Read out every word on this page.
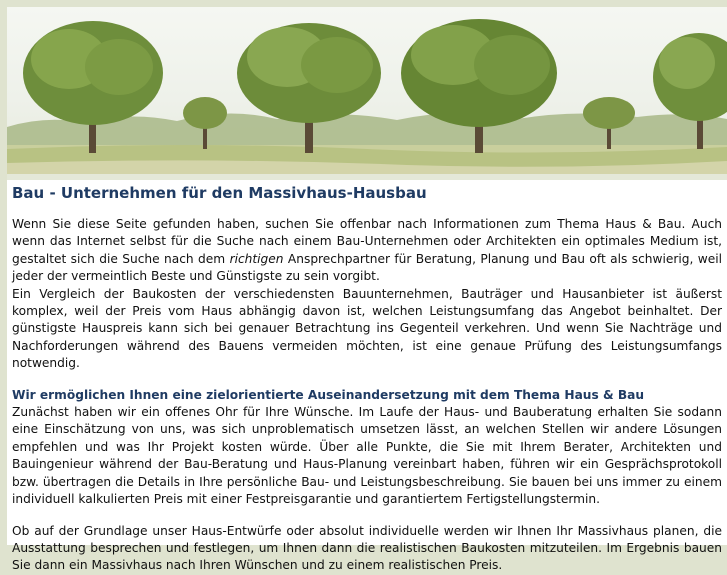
Bau - Unternehmen für den Massivhaus-Hausbau

Wenn Sie diese Seite gefunden haben, suchen Sie offenbar nach Informationen zum Thema Haus & Bau. Auch wenn das Internet selbst für die Suche nach einem Bau-Unternehmen oder Architekten ein optimales Medium ist, gestaltet sich die Suche nach dem richtigen Ansprechpartner für Beratung, Planung und Bau oft als schwierig, weil jeder der vermeintlich Beste und Günstigste zu sein vorgibt.

Ein Vergleich der Baukosten der verschiedensten Bauunternehmen, Bauträger und Hausanbieter ist äußerst komplex, weil der Preis vom Haus abhängig davon ist, welchen Leistungsumfang das Angebot beinhaltet. Der günstigste Hauspreis kann sich bei genauer Betrachtung ins Gegenteil verkehren. Und wenn Sie Nachträge und Nachforderungen während des Bauens vermeiden möchten, ist eine genaue Prüfung des Leistungsumfangs notwendig.

Wir ermöglichen Ihnen eine zielorientierte Auseinandersetzung mit dem Thema Haus & Bau

Zunächst haben wir ein offenes Ohr für Ihre Wünsche. Im Laufe der Haus- und Bauberatung erhalten Sie sodann eine Einschätzung von uns, was sich unproblematisch umsetzen lässt, an welchen Stellen wir andere Lösungen empfehlen und was Ihr Projekt kosten würde. Über alle Punkte, die Sie mit Ihrem Berater, Architekten und Bauingenieur während der Bau-Beratung und Haus-Planung vereinbart haben, führen wir ein Gesprächsprotokoll bzw. übertragen die Details in Ihre persönliche Bau- und Leistungsbeschreibung. Sie bauen bei uns immer zu einem individuell kalkulierten Preis mit einer Festpreisgarantie und garantiertem Fertigstellungstermin.

Ob auf der Grundlage unser Haus-Entwürfe oder absolut individuelle werden wir Ihnen Ihr Massivhaus planen, die Ausstattung besprechen und festlegen, um Ihnen dann die realistischen Baukosten mitzuteilen. Im Ergebnis bauen Sie dann ein Massivhaus nach Ihren Wünschen und zu einem realistischen Preis.
